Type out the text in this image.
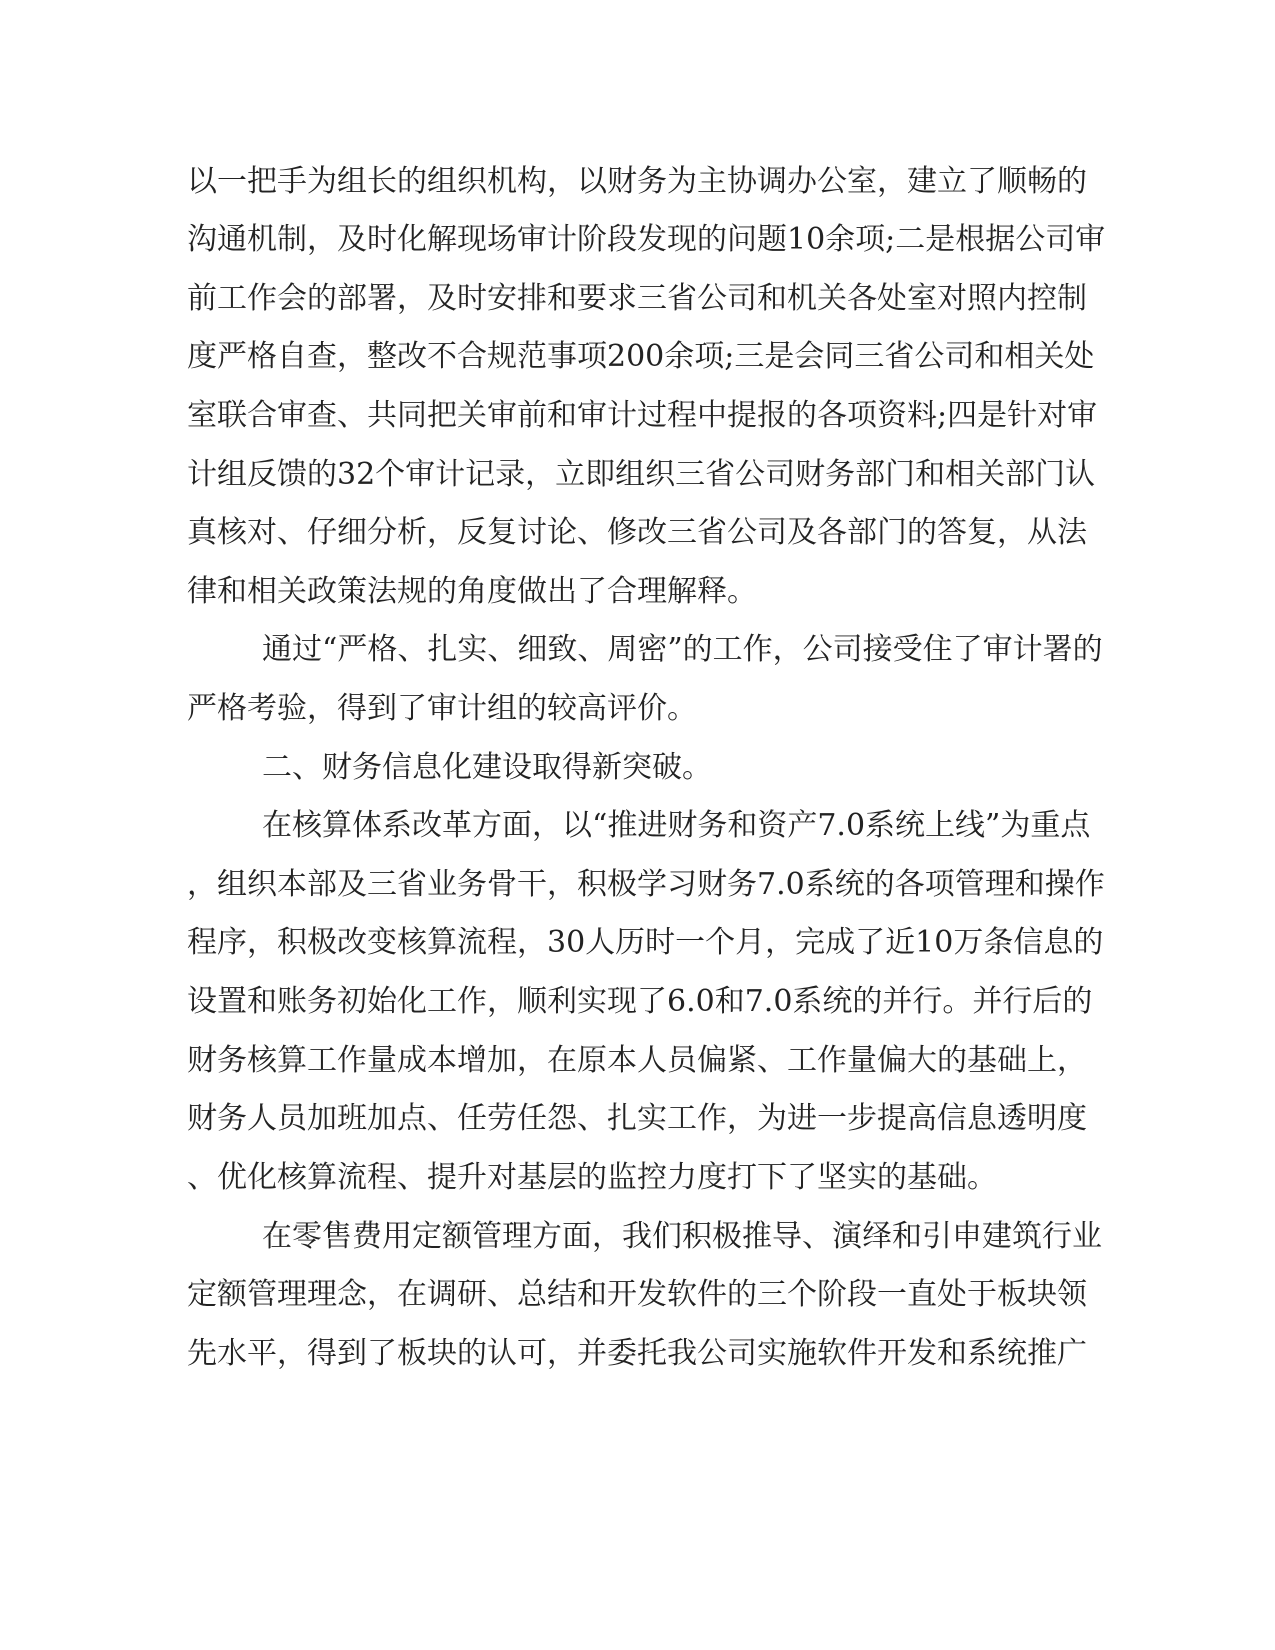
以一把手为组长的组织机构，以财务为主协调办公室，建立了顺畅的
沟通机制，及时化解现场审计阶段发现的问题10余项;二是根据公司审
前工作会的部署，及时安排和要求三省公司和机关各处室对照内控制
度严格自查，整改不合规范事项200余项;三是会同三省公司和相关处
室联合审查、共同把关审前和审计过程中提报的各项资料;四是针对审
计组反馈的32个审计记录，立即组织三省公司财务部门和相关部门认
真核对、仔细分析，反复讨论、修改三省公司及各部门的答复，从法
律和相关政策法规的角度做出了合理解释。
通过“严格、扎实、细致、周密”的工作，公司接受住了审计署的
严格考验，得到了审计组的较高评价。
二、财务信息化建设取得新突破。
在核算体系改革方面，以“推进财务和资产7.0系统上线”为重点
，组织本部及三省业务骨干，积极学习财务7.0系统的各项管理和操作
程序，积极改变核算流程，30人历时一个月，完成了近10万条信息的
设置和账务初始化工作，顺利实现了6.0和7.0系统的并行。并行后的
财务核算工作量成本增加，在原本人员偏紧、工作量偏大的基础上，
财务人员加班加点、任劳任怨、扎实工作，为进一步提高信息透明度
、优化核算流程、提升对基层的监控力度打下了坚实的基础。
在零售费用定额管理方面，我们积极推导、演绎和引申建筑行业
定额管理理念，在调研、总结和开发软件的三个阶段一直处于板块领
先水平，得到了板块的认可，并委托我公司实施软件开发和系统推广
